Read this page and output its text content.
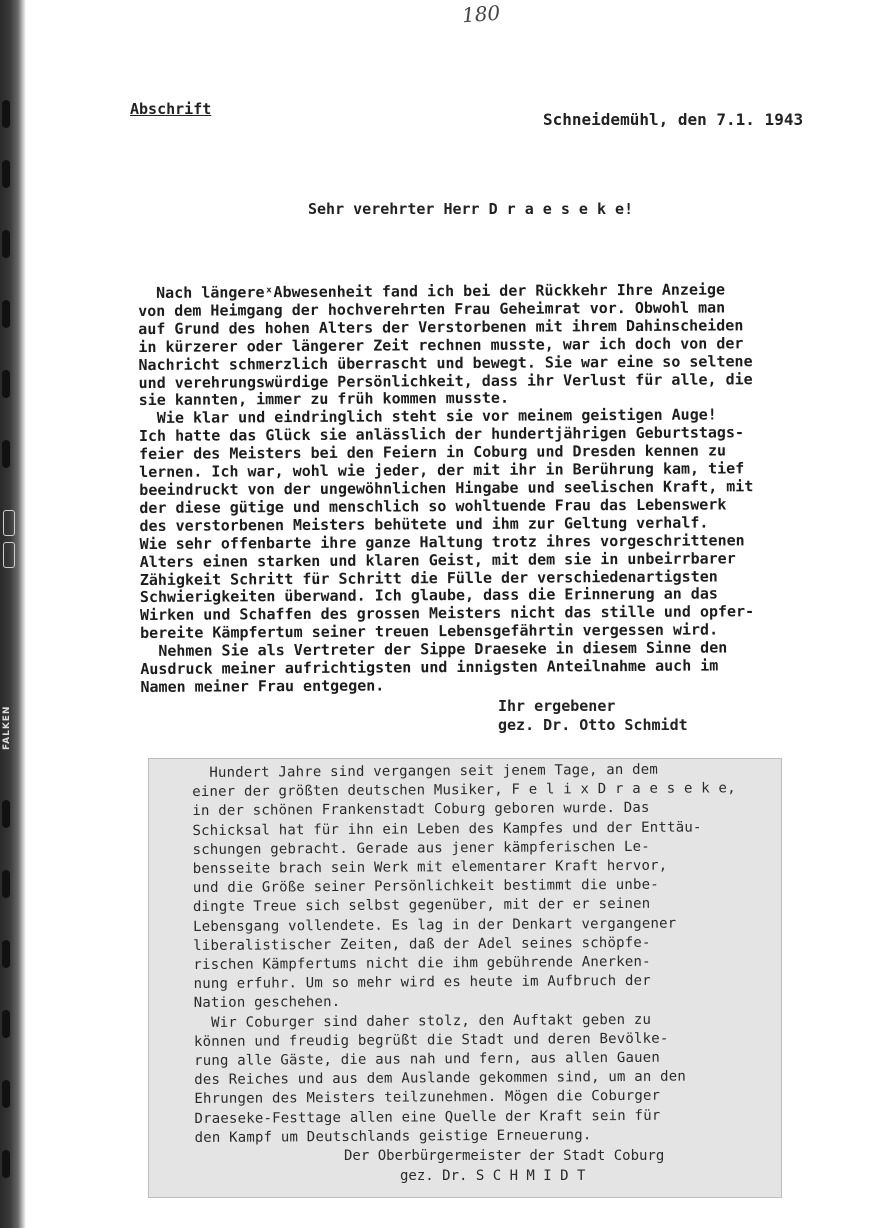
FALKEN
180
Abschrift
Schneidemühl, den 7.1. 1943
Sehr verehrter Herr D r a e s e k e!
Nach längereˣAbwesenheit fand ich bei der Rückkehr Ihre Anzeige
von dem Heimgang der hochverehrten Frau Geheimrat vor. Obwohl man
auf Grund des hohen Alters der Verstorbenen mit ihrem Dahinscheiden
in kürzerer oder längerer Zeit rechnen musste, war ich doch von der
Nachricht schmerzlich überrascht und bewegt. Sie war eine so seltene
und verehrungswürdige Persönlichkeit, dass ihr Verlust für alle, die
sie kannten, immer zu früh kommen musste.
Wie klar und eindringlich steht sie vor meinem geistigen Auge!
Ich hatte das Glück sie anlässlich der hundertjährigen Geburtstags-
feier des Meisters bei den Feiern in Coburg und Dresden kennen zu
lernen. Ich war, wohl wie jeder, der mit ihr in Berührung kam, tief
beeindruckt von der ungewöhnlichen Hingabe und seelischen Kraft, mit
der diese gütige und menschlich so wohltuende Frau das Lebenswerk
des verstorbenen Meisters behütete und ihm zur Geltung verhalf.
Wie sehr offenbarte ihre ganze Haltung trotz ihres vorgeschrittenen
Alters einen starken und klaren Geist, mit dem sie in unbeirrbarer
Zähigkeit Schritt für Schritt die Fülle der verschiedenartigsten
Schwierigkeiten überwand. Ich glaube, dass die Erinnerung an das
Wirken und Schaffen des grossen Meisters nicht das stille und opfer-
bereite Kämpfertum seiner treuen Lebensgefährtin vergessen wird.
Nehmen Sie als Vertreter der Sippe Draeseke in diesem Sinne den
Ausdruck meiner aufrichtigsten und innigsten Anteilnahme auch im
Namen meiner Frau entgegen.
Ihr ergebener
gez. Dr. Otto Schmidt
Hundert Jahre sind vergangen seit jenem Tage, an dem
einer der größten deutschen Musiker, F e l i x D r a e s e k e,
in der schönen Frankenstadt Coburg geboren wurde. Das
Schicksal hat für ihn ein Leben des Kampfes und der Enttäu-
schungen gebracht. Gerade aus jener kämpferischen Le-
bensseite brach sein Werk mit elementarer Kraft hervor,
und die Größe seiner Persönlichkeit bestimmt die unbe-
dingte Treue sich selbst gegenüber, mit der er seinen
Lebensgang vollendete. Es lag in der Denkart vergangener
liberalistischer Zeiten, daß der Adel seines schöpfe-
rischen Kämpfertums nicht die ihm gebührende Anerken-
nung erfuhr. Um so mehr wird es heute im Aufbruch der
Nation geschehen.
Wir Coburger sind daher stolz, den Auftakt geben zu
können und freudig begrüßt die Stadt und deren Bevölke-
rung alle Gäste, die aus nah und fern, aus allen Gauen
des Reiches und aus dem Auslande gekommen sind, um an den
Ehrungen des Meisters teilzunehmen. Mögen die Coburger
Draeseke-Festtage allen eine Quelle der Kraft sein für
den Kampf um Deutschlands geistige Erneuerung.
Der Oberbürgermeister der Stadt Coburg
gez. Dr. S C H M I D T
